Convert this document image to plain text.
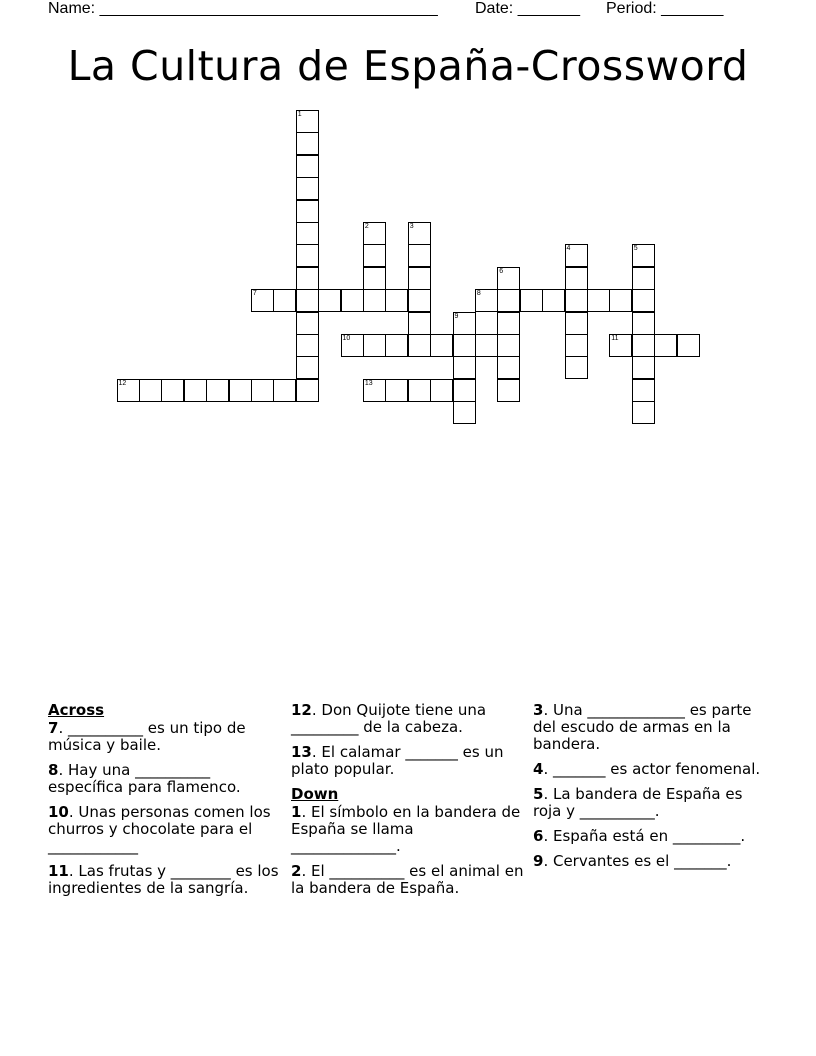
Name: ______________________________________ Date: _______ Period: _______
La Cultura de España-Crossword
1
2	3
4	5
6
7	8
9
10	11
12	13
Across
7. __________ es un tipo de música y baile.
8. Hay una __________ específica para flamenco.
10. Unas personas comen los churros y chocolate para el ____________
11. Las frutas y ________ es los ingredientes de la sangría.
12. Don Quijote tiene una _________ de la cabeza.
13. El calamar _______ es un plato popular.
Down
1. El símbolo en la bandera de España se llama ______________.
2. El __________ es el animal en la bandera de España.
3. Una _____________ es parte del escudo de armas en la bandera.
4. _______ es actor fenomenal.
5. La bandera de España es roja y __________.
6. España está en _________.
9. Cervantes es el _______.
